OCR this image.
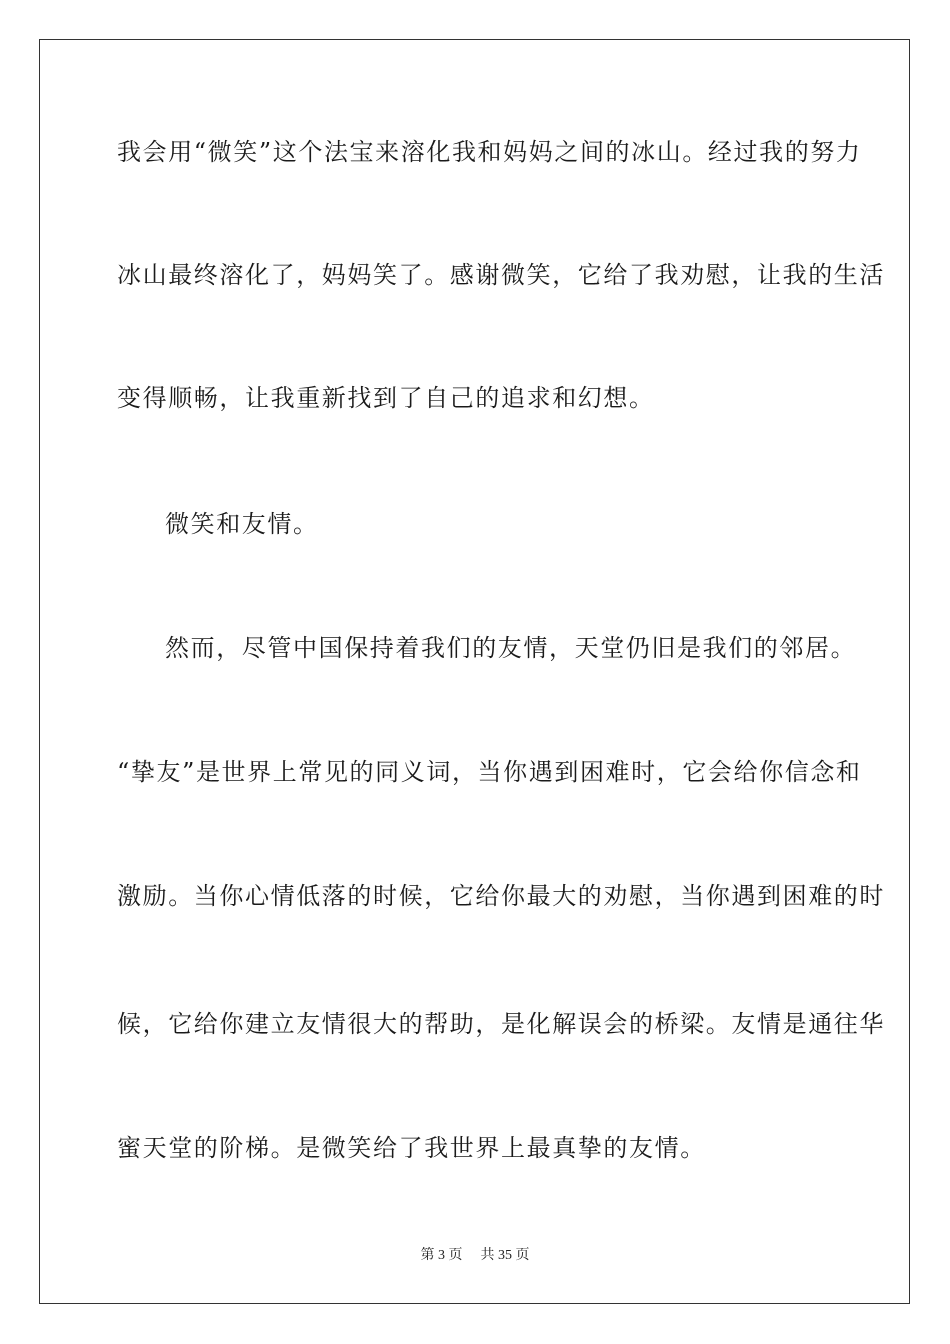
我会用“微笑”这个法宝来溶化我和妈妈之间的冰山。经过我的努力
冰山最终溶化了，妈妈笑了。感谢微笑，它给了我劝慰，让我的生活
变得顺畅，让我重新找到了自己的追求和幻想。
微笑和友情。
然而，尽管中国保持着我们的友情，天堂仍旧是我们的邻居。
“挚友”是世界上常见的同义词，当你遇到困难时，它会给你信念和
激励。当你心情低落的时候，它给你最大的劝慰，当你遇到困难的时
候，它给你建立友情很大的帮助，是化解误会的桥梁。友情是通往华
蜜天堂的阶梯。是微笑给了我世界上最真挚的友情。
第 3 页 共 35 页
